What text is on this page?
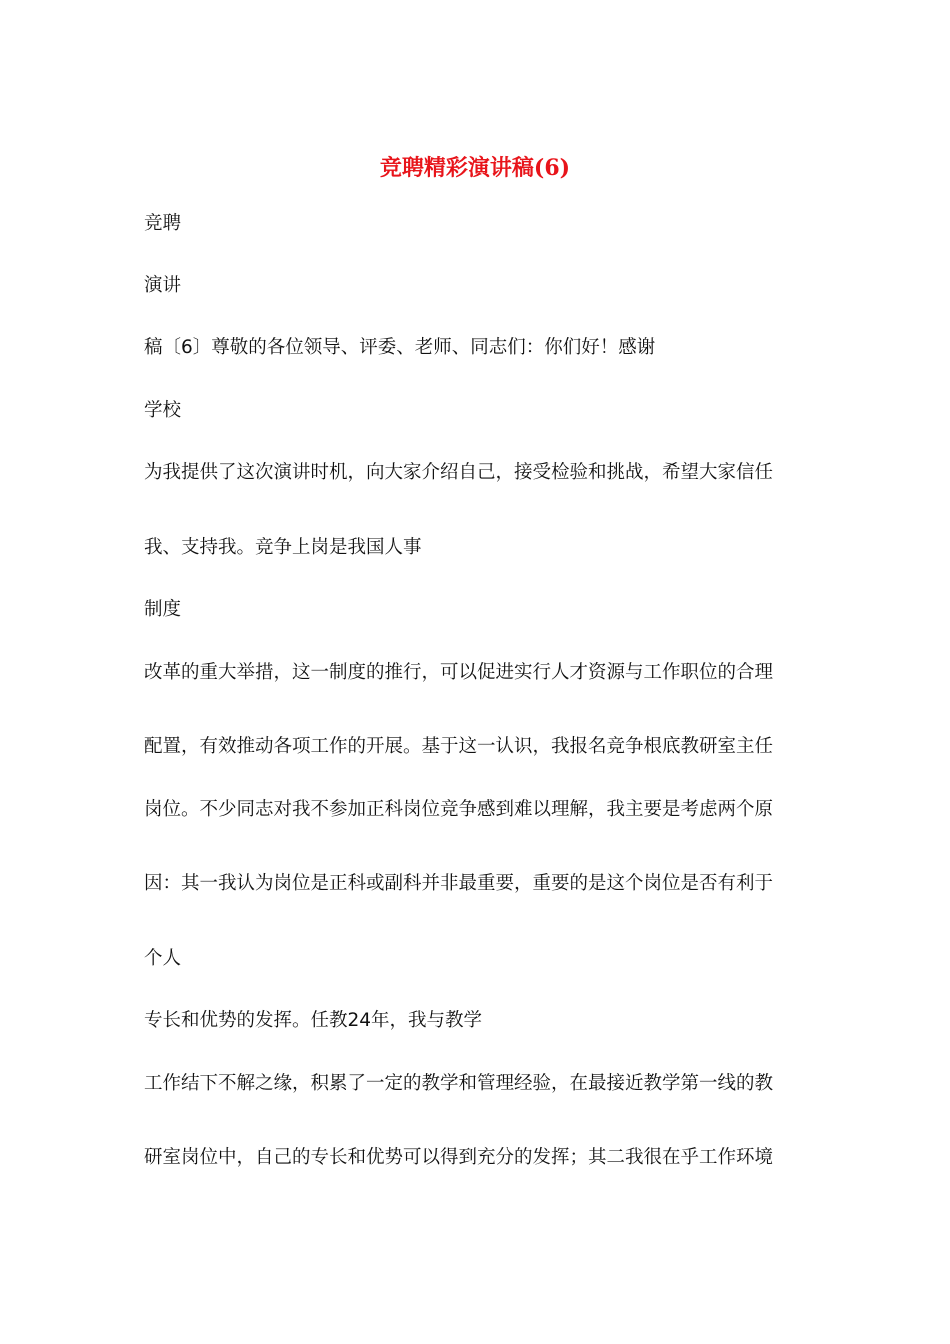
竞聘精彩演讲稿(6)
竞聘
演讲
稿〔6〕尊敬的各位领导、评委、老师、同志们：你们好！感谢
学校
为我提供了这次演讲时机，向大家介绍自己，接受检验和挑战，希望大家信任
我、支持我。竞争上岗是我国人事
制度
改革的重大举措，这一制度的推行，可以促进实行人才资源与工作职位的合理
配置，有效推动各项工作的开展。基于这一认识，我报名竞争根底教研室主任
岗位。不少同志对我不参加正科岗位竞争感到难以理解，我主要是考虑两个原
因：其一我认为岗位是正科或副科并非最重要，重要的是这个岗位是否有利于
个人
专长和优势的发挥。任教24年，我与教学
工作结下不解之缘，积累了一定的教学和管理经验，在最接近教学第一线的教
研室岗位中，自己的专长和优势可以得到充分的发挥；其二我很在乎工作环境
